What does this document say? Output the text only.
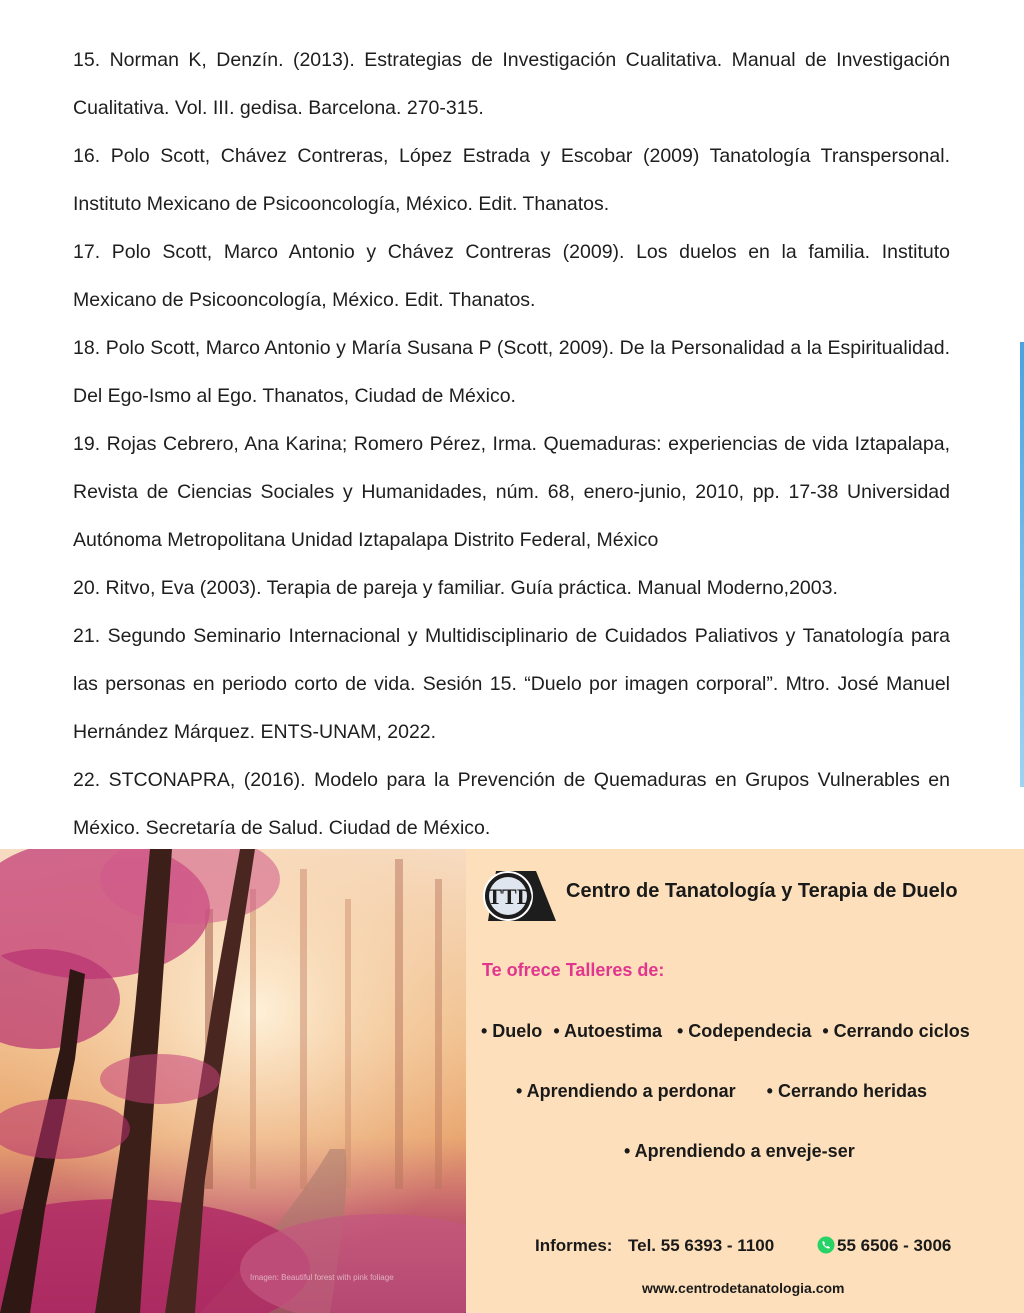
15. Norman K, Denzín. (2013). Estrategias de Investigación Cualitativa. Manual de Investigación Cualitativa. Vol. III. gedisa. Barcelona. 270-315.

16. Polo Scott, Chávez Contreras, López Estrada y Escobar (2009) Tanatología Transpersonal. Instituto Mexicano de Psicooncología, México. Edit. Thanatos.

17. Polo Scott, Marco Antonio y Chávez Contreras (2009). Los duelos en la familia. Instituto Mexicano de Psicooncología, México. Edit. Thanatos.

18. Polo Scott, Marco Antonio y María Susana P (Scott, 2009). De la Personalidad a la Espiritualidad. Del Ego-Ismo al Ego. Thanatos, Ciudad de México.

19. Rojas Cebrero, Ana Karina; Romero Pérez, Irma. Quemaduras: experiencias de vida Iztapalapa, Revista de Ciencias Sociales y Humanidades, núm. 68, enero-junio, 2010, pp. 17-38 Universidad Autónoma Metropolitana Unidad Iztapalapa Distrito Federal, México

20. Ritvo, Eva (2003). Terapia de pareja y familiar. Guía práctica. Manual Moderno,2003.

21. Segundo Seminario Internacional y Multidisciplinario de Cuidados Paliativos y Tanatología para las personas en periodo corto de vida. Sesión 15. “Duelo por imagen corporal”. Mtro. José Manuel Hernández Márquez. ENTS-UNAM, 2022.

22. STCONAPRA, (2016). Modelo para la Prevención de Quemaduras en Grupos Vulnerables en México. Secretaría de Salud. Ciudad de México.

Imagen: Beautiful forest with pink foliage
TTD Centro de Tanatología y Terapia de Duelo
Te ofrece Talleres de:
• Duelo • Autoestima • Codependecia • Cerrando ciclos
• Aprendiendo a perdonar • Cerrando heridas
• Aprendiendo a enveje-ser
Informes: Tel. 55 6393 - 1100	55 6506 - 3006
www.centrodetanatologia.com
